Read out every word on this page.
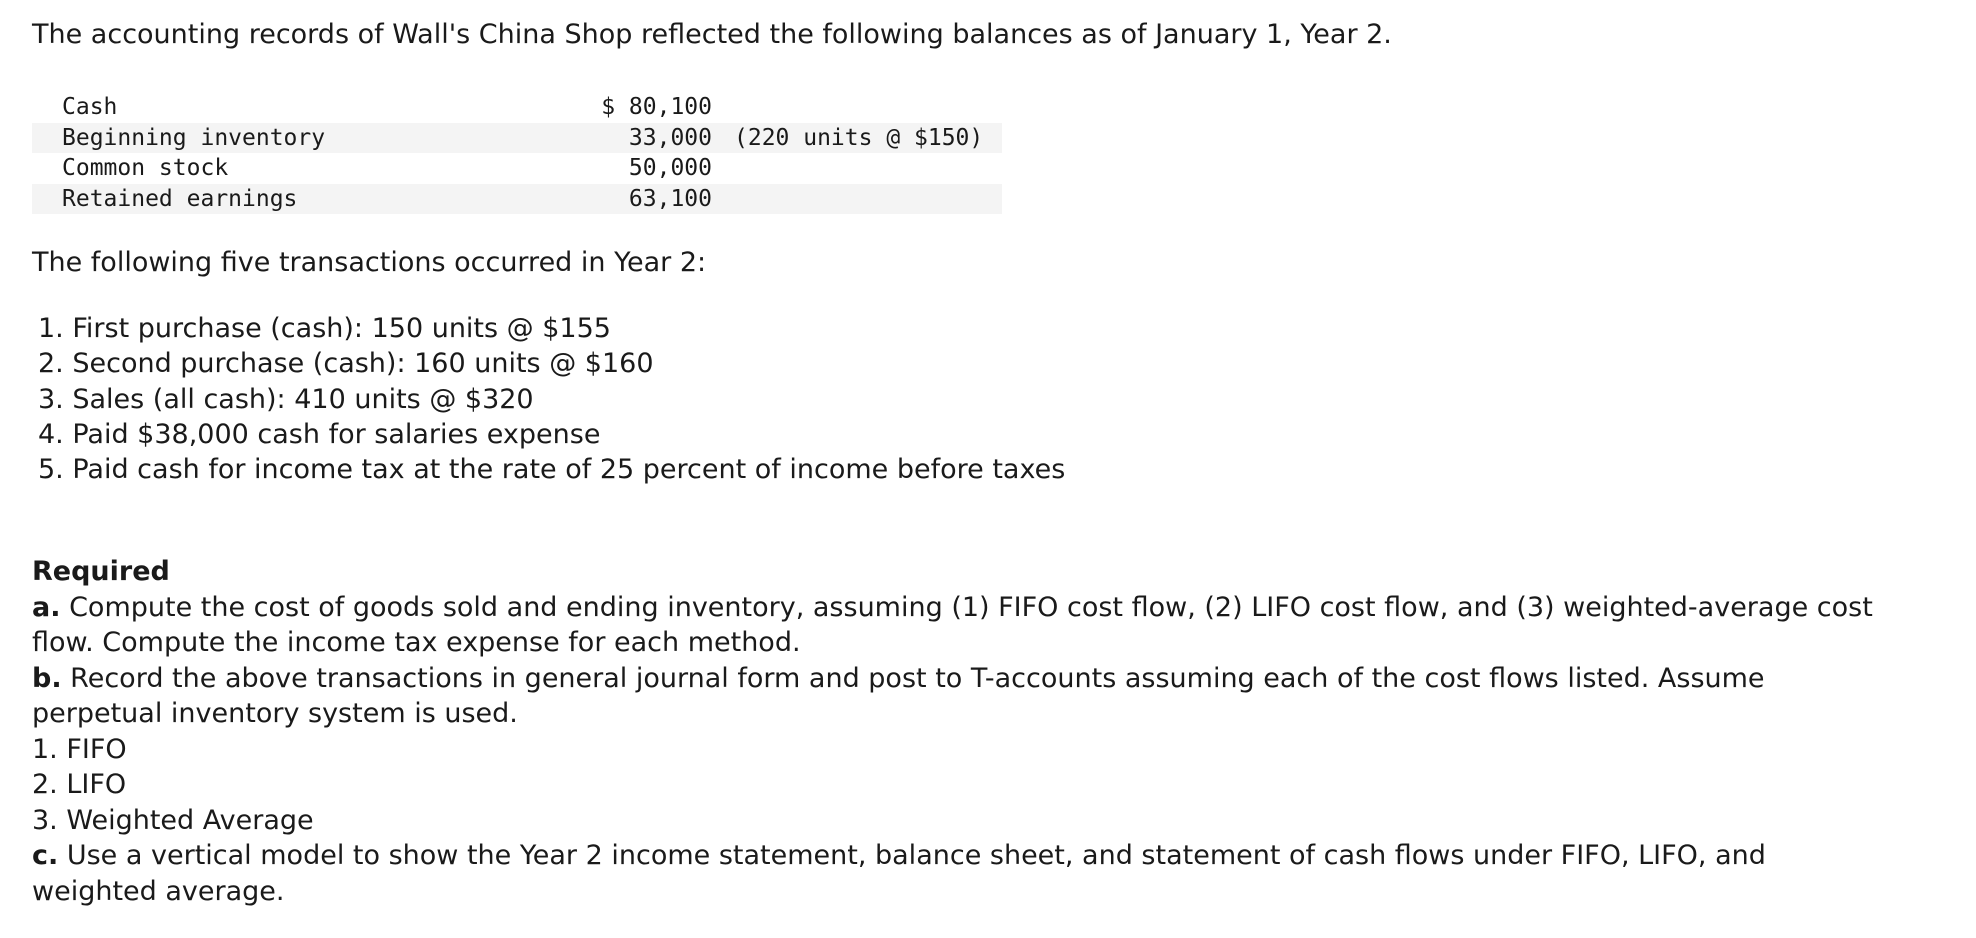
The accounting records of Wall's China Shop reflected the following balances as of January 1, Year 2.
Cash	$ 80,100	
Beginning inventory	33,000	(220 units @ $150)
Common stock	50,000	
Retained earnings	63,100	
The following five transactions occurred in Year 2:
1. First purchase (cash): 150 units @ $155
2. Second purchase (cash): 160 units @ $160
3. Sales (all cash): 410 units @ $320
4. Paid $38,000 cash for salaries expense
5. Paid cash for income tax at the rate of 25 percent of income before taxes
Required
a. Compute the cost of goods sold and ending inventory, assuming (1) FIFO cost flow, (2) LIFO cost flow, and (3) weighted-average cost
flow. Compute the income tax expense for each method.
b. Record the above transactions in general journal form and post to T-accounts assuming each of the cost flows listed. Assume
perpetual inventory system is used.
1. FIFO
2. LIFO
3. Weighted Average
c. Use a vertical model to show the Year 2 income statement, balance sheet, and statement of cash flows under FIFO, LIFO, and
weighted average.
